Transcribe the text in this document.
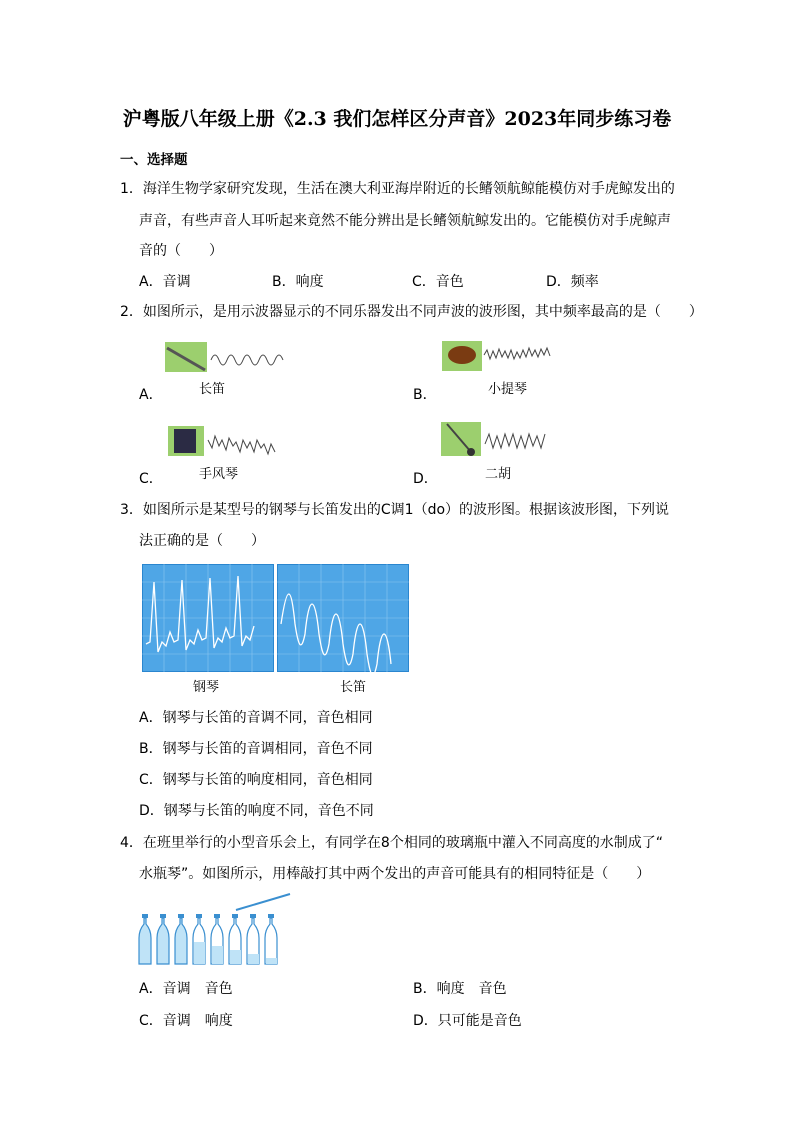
沪粤版八年级上册《2.3 我们怎样区分声音》2023年同步练习卷
一、选择题
1．海洋生物学家研究发现，生活在澳大利亚海岸附近的长鳍领航鲸能模仿对手虎鲸发出的
声音，有些声音人耳听起来竟然不能分辨出是长鳍领航鲸发出的。它能模仿对手虎鲸声
音的（　　）
A．音调	B．响度	C．音色	D．频率
2．如图所示，是用示波器显示的不同乐器发出不同声波的波形图，其中频率最高的是（　　）
A．	长笛	B．	小提琴
C．	手风琴	D．	二胡
3．如图所示是某型号的钢琴与长笛发出的C调1（do）的波形图。根据该波形图，下列说
法正确的是（　　）
钢琴	长笛
A．钢琴与长笛的音调不同，音色相同
B．钢琴与长笛的音调相同，音色不同
C．钢琴与长笛的响度相同，音色相同
D．钢琴与长笛的响度不同，音色不同
4．在班里举行的小型音乐会上，有同学在8个相同的玻璃瓶中灌入不同高度的水制成了“
水瓶琴”。如图所示，用棒敲打其中两个发出的声音可能具有的相同特征是（　　）
A．音调　音色	B．响度　音色
C．音调　响度	D．只可能是音色
